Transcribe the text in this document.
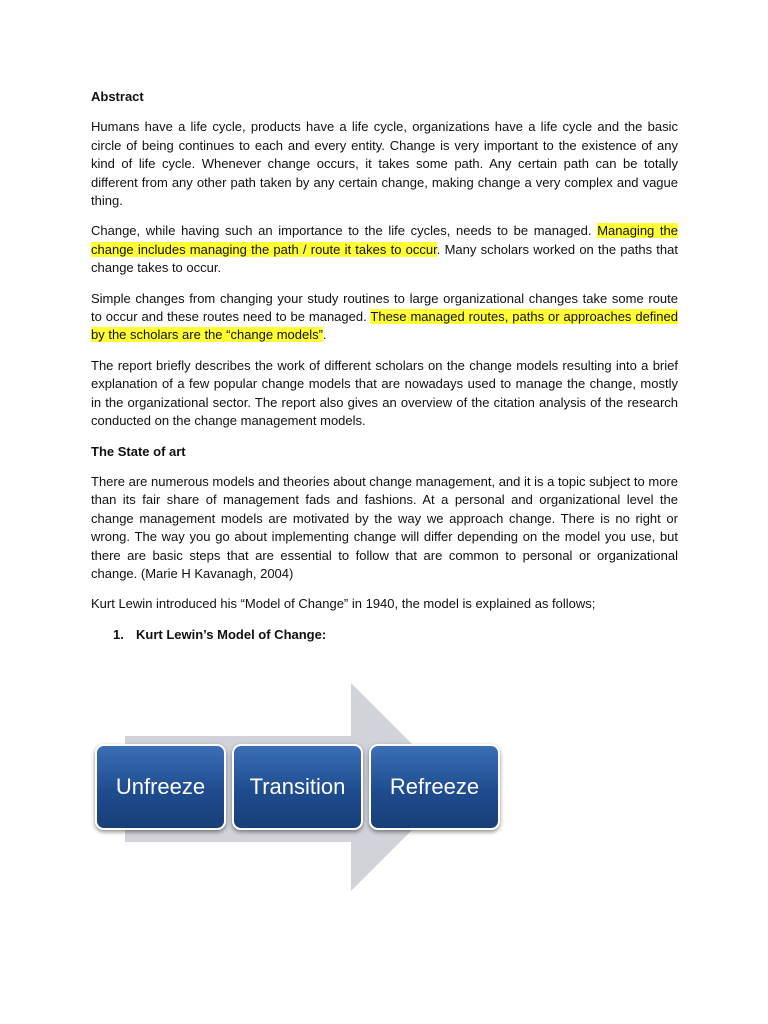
Abstract

Humans have a life cycle, products have a life cycle, organizations have a life cycle and the basic circle of being continues to each and every entity. Change is very important to the existence of any kind of life cycle. Whenever change occurs, it takes some path. Any certain path can be totally different from any other path taken by any certain change, making change a very complex and vague thing.

Change, while having such an importance to the life cycles, needs to be managed. Managing the change includes managing the path / route it takes to occur. Many scholars worked on the paths that change takes to occur.

Simple changes from changing your study routines to large organizational changes take some route to occur and these routes need to be managed. These managed routes, paths or approaches defined by the scholars are the “change models”.

The report briefly describes the work of different scholars on the change models resulting into a brief explanation of a few popular change models that are nowadays used to manage the change, mostly in the organizational sector. The report also gives an overview of the citation analysis of the research conducted on the change management models.

The State of art

There are numerous models and theories about change management, and it is a topic subject to more than its fair share of management fads and fashions. At a personal and organizational level the change management models are motivated by the way we approach change. There is no right or wrong. The way you go about implementing change will differ depending on the model you use, but there are basic steps that are essential to follow that are common to personal or organizational change. (Marie H Kavanagh, 2004)

Kurt Lewin introduced his “Model of Change” in 1940, the model is explained as follows;

1. Kurt Lewin’s Model of Change:
Unfreeze	Transition	Refreeze
